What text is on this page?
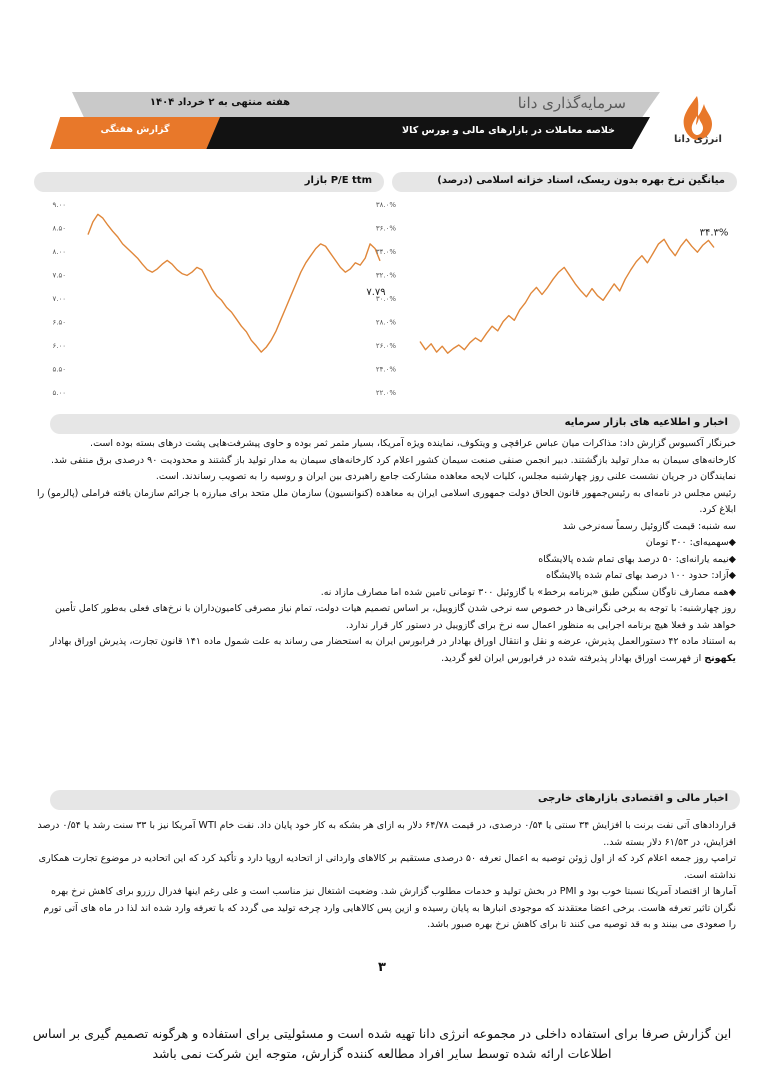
سرمایه‌گذاری دانا
هفته منتهی به ۲ خرداد ۱۴۰۴
خلاصه معاملات در بازارهای مالی و بورس کالا
گزارش هفتگی
انرژی دانا
P/E ttm بازار	میانگین نرخ بهره بدون ریسک، اسناد خزانه اسلامی (درصد)
۹.۰۰
۸.۵۰
۸.۰۰
۷.۵۰
۷.۰۰
۶.۵۰
۶.۰۰
۵.۵۰
۵.۰۰
۷.۷۹
۳۸.۰%
۳۶.۰%
۳۴.۰%
۳۲.۰%
۳۰.۰%
۲۸.۰%
۲۶.۰%
۲۴.۰%
۲۲.۰%
۳۴.۳%
اخبار و اطلاعیه های بازار سرمایه

خبرنگار آکسیوس گزارش داد: مذاکرات میان عباس عراقچی و ویتکوف، نماینده ویژه آمریکا، بسیار مثمر ثمر بوده و حاوی پیشرفت‌هایی پشت درهای بسته بوده است.

کارخانه‌های سیمان به مدار تولید بازگشتند. دبیر انجمن صنفی صنعت سیمان کشور اعلام کرد کارخانه‌های سیمان به مدار تولید باز گشتند و محدودیت ۹۰ درصدی برق منتفی شد.

نمایندگان در جریان نشست علنی روز چهارشنبه مجلس، کلیات لایحه معاهده مشارکت جامع راهبردی بین ایران و روسیه را به تصویب رساندند. است.

رئیس مجلس در نامه‌ای به رئیس‌جمهور قانون الحاق دولت جمهوری اسلامی ایران به معاهده (کنوانسیون) سازمان ملل متحد برای مبارزه با جرائم سازمان یافته فراملی (پالرمو) را ابلاغ کرد.

سه شنبه: قیمت گازوئیل رسماً سه‌نرخی شد

◆سهمیه‌ای: ۳۰۰ تومان

◆نیمه یارانه‌ای: ۵۰ درصد بهای تمام شده پالایشگاه

◆آزاد: حدود ۱۰۰ درصد بهای تمام شده پالایشگاه

◆همه مصارف ناوگان سنگین طبق «برنامه برخط» با گازوئیل ۳۰۰ تومانی تامین شده اما مصارف مازاد نه.

روز چهارشنبه: با توجه به برخی نگرانی‌ها در خصوص سه نرخی شدن گازوییل، بر اساس تصمیم هیات دولت، تمام نیاز مصرفی کامیون‌داران با نرخ‌های فعلی به‌طور کامل تأمین خواهد شد و فعلا هیچ برنامه اجرایی به منظور اعمال سه نرخ برای گازوییل در دستور کار قرار ندارد.

به استناد ماده ۴۲ دستورالعمل پذیرش، عرضه و نقل و انتقال اوراق بهادار در فرابورس ایران به استحضار می رساند به علت شمول ماده ۱۴۱ قانون تجارت، پذیرش اوراق بهادار

یکهونج از فهرست اوراق بهادار پذیرفته شده در فرابورس ایران لغو گردید.

اخبار مالی و اقتصادی بازارهای خارجی

قراردادهای آتی نفت برنت با افزایش ۳۴ سنتی یا ۰/۵۴ درصدی، در قیمت ۶۴/۷۸ دلار به ازای هر بشکه به کار خود پایان داد. نفت خام WTI آمریکا نیز با ۳۳ سنت رشد یا ۰/۵۴ درصد افزایش، در ۶۱/۵۳ دلار بسته شد..

ترامپ روز جمعه اعلام کرد که از اول ژوئن توصیه به اعمال تعرفه ۵۰ درصدی مستقیم بر کالاهای وارداتی از اتحادیه اروپا دارد و تأکید کرد که این اتحادیه در موضوع تجارت همکاری نداشته است.

آمارها از اقتصاد آمریکا نسبتا خوب بود و PMI در بخش تولید و خدمات مطلوب گزارش شد. وضعیت اشتغال نیز مناسب است و علی رغم اینها فدرال رزرو برای کاهش نرخ بهره نگران تاثیر تعرفه هاست. برخی اعضا معتقدند که موجودی انبارها به پایان رسیده و ازین پس کالاهایی وارد چرخه تولید می گردد که با تعرفه وارد شده اند لذا در ماه های آتی تورم را صعودی می بینند و به قد توصیه می کنند تا برای کاهش نرخ بهره صبور باشد.

۳
این گزارش صرفا برای استفاده داخلی در مجموعه انرژی دانا تهیه شده است و مسئولیتی برای استفاده و هرگونه تصمیم گیری بر اساس اطلاعات ارائه شده توسط سایر افراد مطالعه کننده گزارش، متوجه این شرکت نمی باشد
